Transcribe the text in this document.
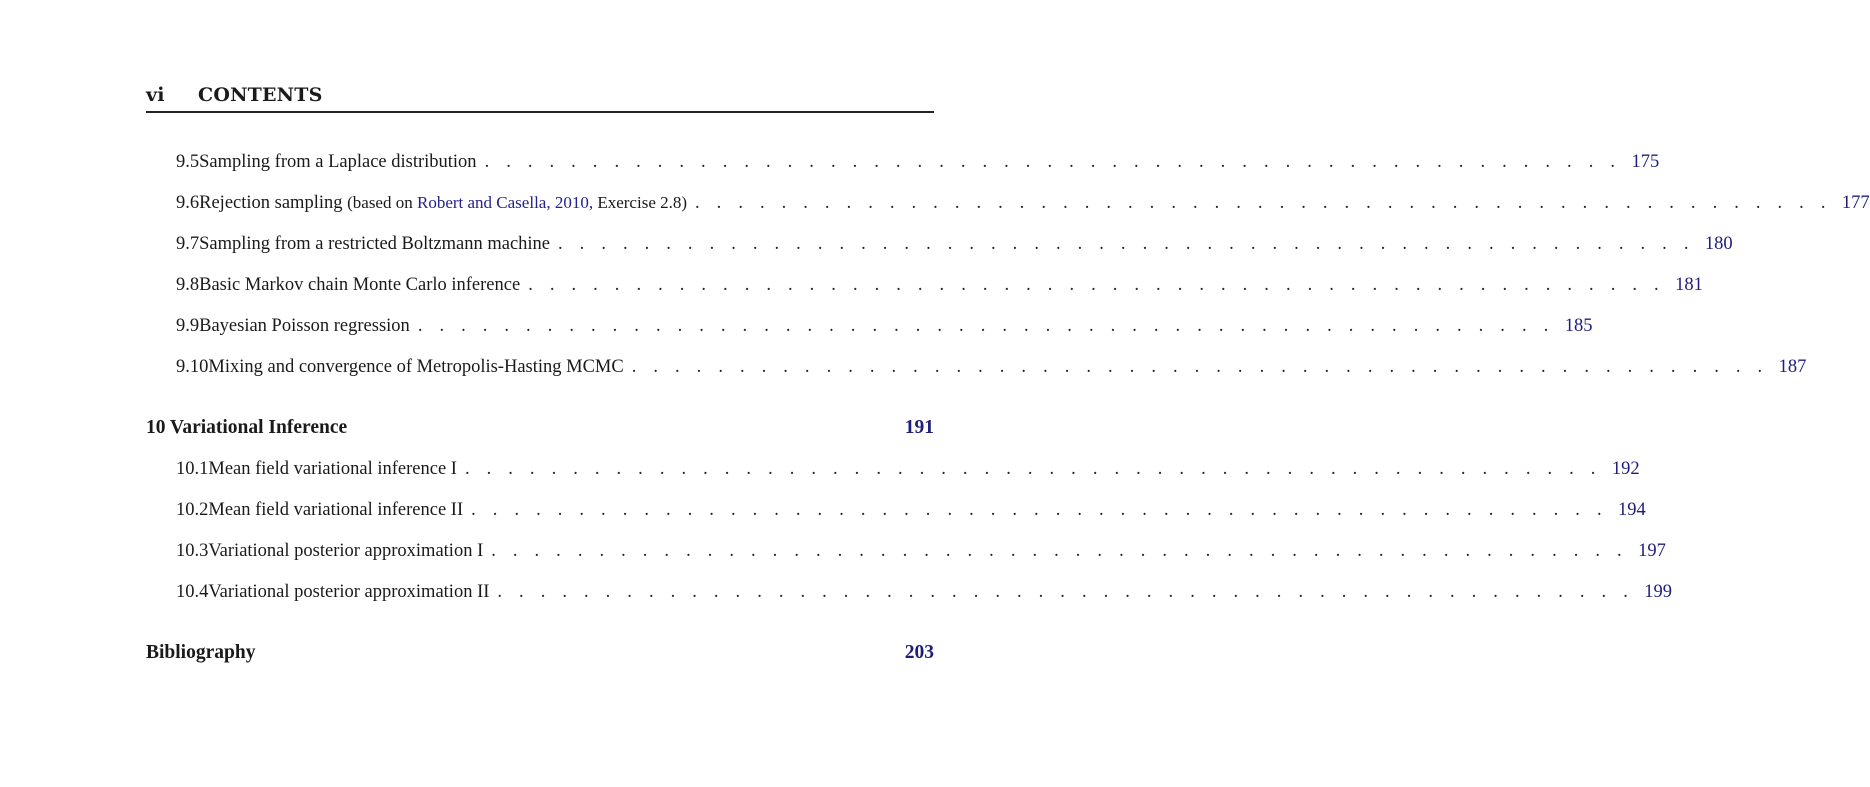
vi	CONTENTS
9.5 Sampling from a Laplace distribution . . . . . . . . . . . . . . . . . . . . . . . . . . . . . . . . . . . . . . . . . . . . . . . . . . . . . 175
9.6 Rejection sampling (based on Robert and Casella, 2010, Exercise 2.8) . . . . . . . . . . . . . . . . . . . . . . . . . . . . . . . . . . . . . . . . . . . . . . . . . . . . . 177
9.7 Sampling from a restricted Boltzmann machine . . . . . . . . . . . . . . . . . . . . . . . . . . . . . . . . . . . . . . . . . . . . . . . . . . . . . 180
9.8 Basic Markov chain Monte Carlo inference . . . . . . . . . . . . . . . . . . . . . . . . . . . . . . . . . . . . . . . . . . . . . . . . . . . . . 181
9.9 Bayesian Poisson regression . . . . . . . . . . . . . . . . . . . . . . . . . . . . . . . . . . . . . . . . . . . . . . . . . . . . . 185
9.10 Mixing and convergence of Metropolis-Hasting MCMC . . . . . . . . . . . . . . . . . . . . . . . . . . . . . . . . . . . . . . . . . . . . . . . . . . . . . 187
10 Variational Inference	191
10.1 Mean field variational inference I . . . . . . . . . . . . . . . . . . . . . . . . . . . . . . . . . . . . . . . . . . . . . . . . . . . . . 192
10.2 Mean field variational inference II . . . . . . . . . . . . . . . . . . . . . . . . . . . . . . . . . . . . . . . . . . . . . . . . . . . . . 194
10.3 Variational posterior approximation I . . . . . . . . . . . . . . . . . . . . . . . . . . . . . . . . . . . . . . . . . . . . . . . . . . . . . 197
10.4 Variational posterior approximation II . . . . . . . . . . . . . . . . . . . . . . . . . . . . . . . . . . . . . . . . . . . . . . . . . . . . . 199
Bibliography	203
